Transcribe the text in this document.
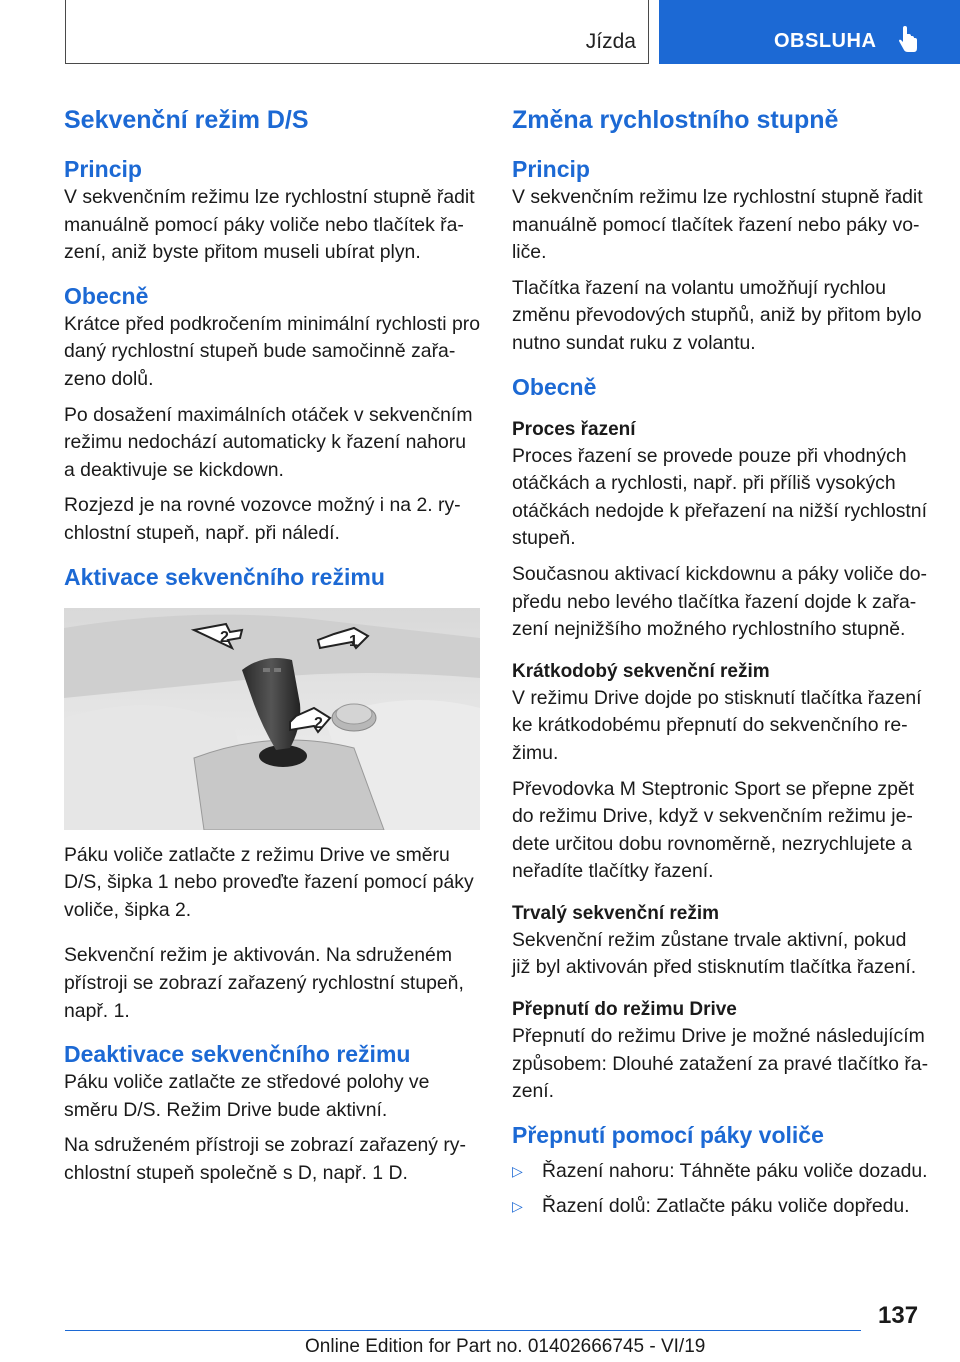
Jízda	OBSLUHA
Sekvenční režim D/S
Princip
V sekvenčním režimu lze rychlostní stupně řadit manuálně pomocí páky voliče nebo tlačítek řazení, aniž byste přitom museli ubírat plyn.
Obecně
Krátce před podkročením minimální rychlosti pro daný rychlostní stupeň bude samočinně zařazeno dolů.
Po dosažení maximálních otáček v sekvenčním režimu nedochází automaticky k řazení nahoru a deaktivuje se kickdown.
Rozjezd je na rovné vozovce možný i na 2. rychlostní stupeň, např. při náledí.
Aktivace sekvenčního režimu
2	1
2
Páku voliče zatlačte z režimu Drive ve směru D/S, šipka 1 nebo proveďte řazení pomocí páky voliče, šipka 2.
Sekvenční režim je aktivován. Na sdruženém přístroji se zobrazí zařazený rychlostní stupeň, např. 1.
Deaktivace sekvenčního režimu
Páku voliče zatlačte ze středové polohy ve směru D/S. Režim Drive bude aktivní.
Na sdruženém přístroji se zobrazí zařazený rychlostní stupeň společně s D, např. 1 D.
Změna rychlostního stupně
Princip
V sekvenčním režimu lze rychlostní stupně řadit manuálně pomocí tlačítek řazení nebo páky voliče.
Tlačítka řazení na volantu umožňují rychlou změnu převodových stupňů, aniž by přitom bylo nutno sundat ruku z volantu.
Obecně
Proces řazení
Proces řazení se provede pouze při vhodných otáčkách a rychlosti, např. při příliš vysokých otáčkách nedojde k přeřazení na nižší rychlostní stupeň.
Současnou aktivací kickdownu a páky voliče dopředu nebo levého tlačítka řazení dojde k zařazení nejnižšího možného rychlostního stupně.
Krátkodobý sekvenční režim
V režimu Drive dojde po stisknutí tlačítka řazení ke krátkodobému přepnutí do sekvenčního režimu.
Převodovka M Steptronic Sport se přepne zpět do režimu Drive, když v sekvenčním režimu jedete určitou dobu rovnoměrně, nezrychlujete a neřadíte tlačítky řazení.
Trvalý sekvenční režim
Sekvenční režim zůstane trvale aktivní, pokud již byl aktivován před stisknutím tlačítka řazení.
Přepnutí do režimu Drive
Přepnutí do režimu Drive je možné následujícím způsobem: Dlouhé zatažení za pravé tlačítko řazení.
Přepnutí pomocí páky voliče
▷ Řazení nahoru: Táhněte páku voliče dozadu.
▷ Řazení dolů: Zatlačte páku voliče dopředu.
137
Online Edition for Part no. 01402666745 - VI/19
